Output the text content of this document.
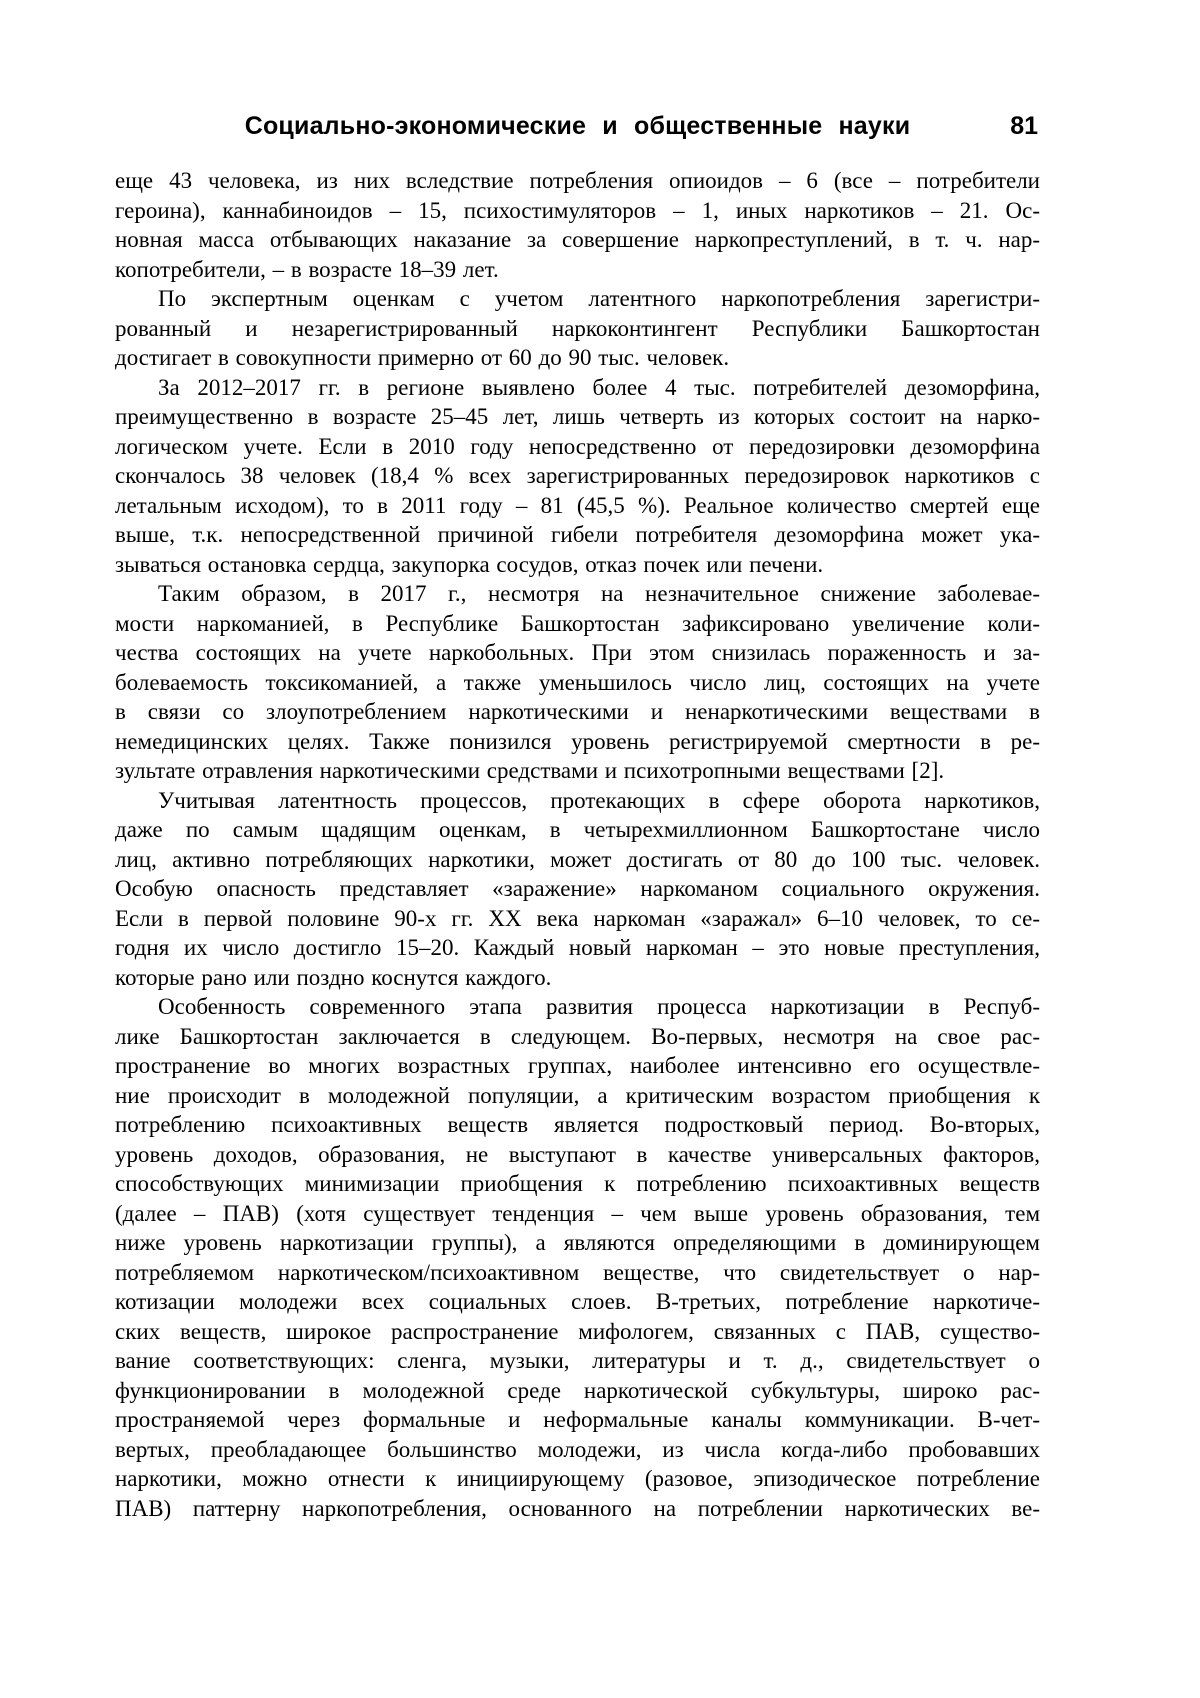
Социально-экономические и общественные науки	81
еще 43 человека, из них вследствие потребления опиоидов – 6 (все – потребители
героина), каннабиноидов – 15, психостимуляторов – 1, иных наркотиков – 21. Ос-
новная масса отбывающих наказание за совершение наркопреступлений, в т. ч. нар-
копотребители, – в возрасте 18–39 лет.
По экспертным оценкам с учетом латентного наркопотребления зарегистри-
рованный и незарегистрированный наркоконтингент Республики Башкортостан
достигает в совокупности примерно от 60 до 90 тыс. человек.
За 2012–2017 гг. в регионе выявлено более 4 тыс. потребителей дезоморфина,
преимущественно в возрасте 25–45 лет, лишь четверть из которых состоит на нарко-
логическом учете. Если в 2010 году непосредственно от передозировки дезоморфина
скончалось 38 человек (18,4 % всех зарегистрированных передозировок наркотиков с
летальным исходом), то в 2011 году – 81 (45,5 %). Реальное количество смертей еще
выше, т.к. непосредственной причиной гибели потребителя дезоморфина может ука-
зываться остановка сердца, закупорка сосудов, отказ почек или печени.
Таким образом, в 2017 г., несмотря на незначительное снижение заболевае-
мости наркоманией, в Республике Башкортостан зафиксировано увеличение коли-
чества состоящих на учете наркобольных. При этом снизилась пораженность и за-
болеваемость токсикоманией, а также уменьшилось число лиц, состоящих на учете
в связи со злоупотреблением наркотическими и ненаркотическими веществами в
немедицинских целях. Также понизился уровень регистрируемой смертности в ре-
зультате отравления наркотическими средствами и психотропными веществами [2].
Учитывая латентность процессов, протекающих в сфере оборота наркотиков,
даже по самым щадящим оценкам, в четырехмиллионном Башкортостане число
лиц, активно потребляющих наркотики, может достигать от 80 до 100 тыс. человек.
Особую опасность представляет «заражение» наркоманом социального окружения.
Если в первой половине 90-х гг. XX века наркоман «заражал» 6–10 человек, то се-
годня их число достигло 15–20. Каждый новый наркоман – это новые преступления,
которые рано или поздно коснутся каждого.
Особенность современного этапа развития процесса наркотизации в Респуб-
лике Башкортостан заключается в следующем. Во-первых, несмотря на свое рас-
пространение во многих возрастных группах, наиболее интенсивно его осуществле-
ние происходит в молодежной популяции, а критическим возрастом приобщения к
потреблению психоактивных веществ является подростковый период. Во-вторых,
уровень доходов, образования, не выступают в качестве универсальных факторов,
способствующих минимизации приобщения к потреблению психоактивных веществ
(далее – ПАВ) (хотя существует тенденция – чем выше уровень образования, тем
ниже уровень наркотизации группы), а являются определяющими в доминирующем
потребляемом наркотическом/психоактивном веществе, что свидетельствует о нар-
котизации молодежи всех социальных слоев. В-третьих, потребление наркотиче-
ских веществ, широкое распространение мифологем, связанных с ПАВ, существо-
вание соответствующих: сленга, музыки, литературы и т. д., свидетельствует о
функционировании в молодежной среде наркотической субкультуры, широко рас-
пространяемой через формальные и неформальные каналы коммуникации. В-чет-
вертых, преобладающее большинство молодежи, из числа когда-либо пробовавших
наркотики, можно отнести к инициирующему (разовое, эпизодическое потребление
ПАВ) паттерну наркопотребления, основанного на потреблении наркотических ве-
